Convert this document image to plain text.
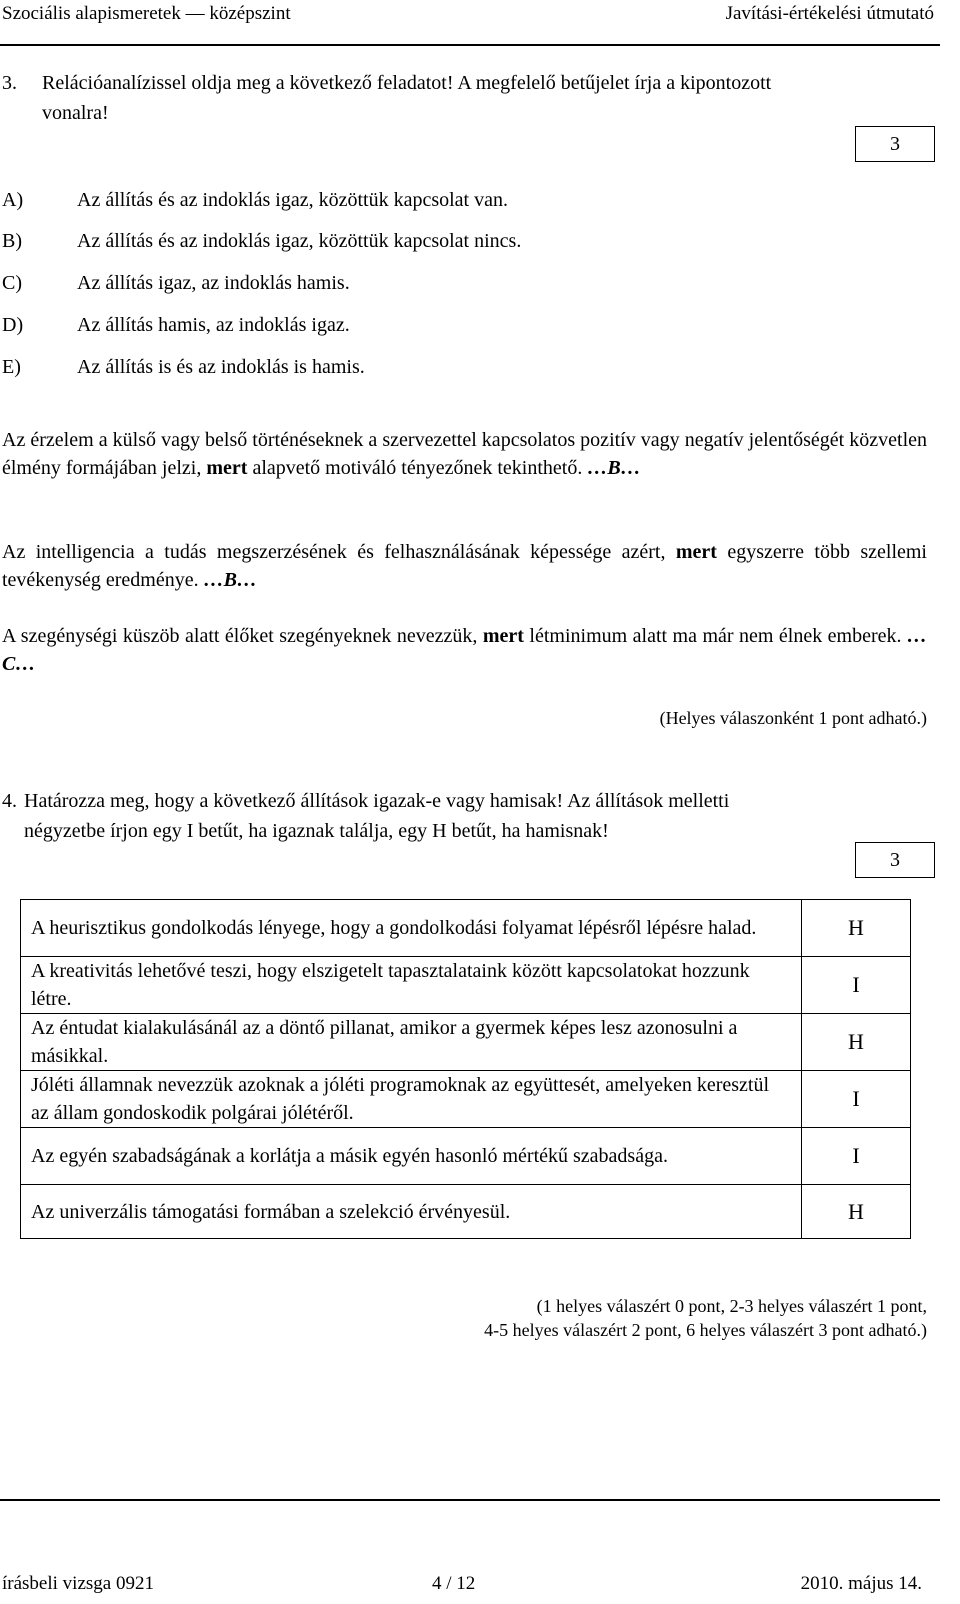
Szociális alapismeretek — középszint	Javítási-értékelési útmutató
3. Relációanalízissel oldja meg a következő feladatot! A megfelelő betűjelet írja a kipontozott
vonalra!
3
A)	Az állítás és az indoklás igaz, közöttük kapcsolat van.
B)	Az állítás és az indoklás igaz, közöttük kapcsolat nincs.
C)	Az állítás igaz, az indoklás hamis.
D)	Az állítás hamis, az indoklás igaz.
E)	Az állítás is és az indoklás is hamis.
Az érzelem a külső vagy belső történéseknek a szervezettel kapcsolatos pozitív vagy negatív jelentőségét közvetlen élmény formájában jelzi, mert alapvető motiváló tényezőnek tekinthető. …B…
Az intelligencia a tudás megszerzésének és felhasználásának képessége azért, mert egyszerre több szellemi tevékenység eredménye. …B…
A szegénységi küszöb alatt élőket szegényeknek nevezzük, mert létminimum alatt ma már nem élnek emberek. …C…
(Helyes válaszonként 1 pont adható.)
4. Határozza meg, hogy a következő állítások igazak-e vagy hamisak! Az állítások melletti
négyzetbe írjon egy I betűt, ha igaznak találja, egy H betűt, ha hamisnak!
3
A heurisztikus gondolkodás lényege, hogy a gondolkodási folyamat lépésről lépésre halad.	H
A kreativitás lehetővé teszi, hogy elszigetelt tapasztalataink között kapcsolatokat hozzunk létre.	I
Az éntudat kialakulásánál az a döntő pillanat, amikor a gyermek képes lesz azonosulni a másikkal.	H
Jóléti államnak nevezzük azoknak a jóléti programoknak az együttesét, amelyeken keresztül az állam gondoskodik polgárai jólétéről.	I
Az egyén szabadságának a korlátja a másik egyén hasonló mértékű szabadsága.	I
Az univerzális támogatási formában a szelekció érvényesül.	H
(1 helyes válaszért 0 pont, 2-3 helyes válaszért 1 pont,
4-5 helyes válaszért 2 pont, 6 helyes válaszért 3 pont adható.)
írásbeli vizsga 0921	4 / 12	2010. május 14.
